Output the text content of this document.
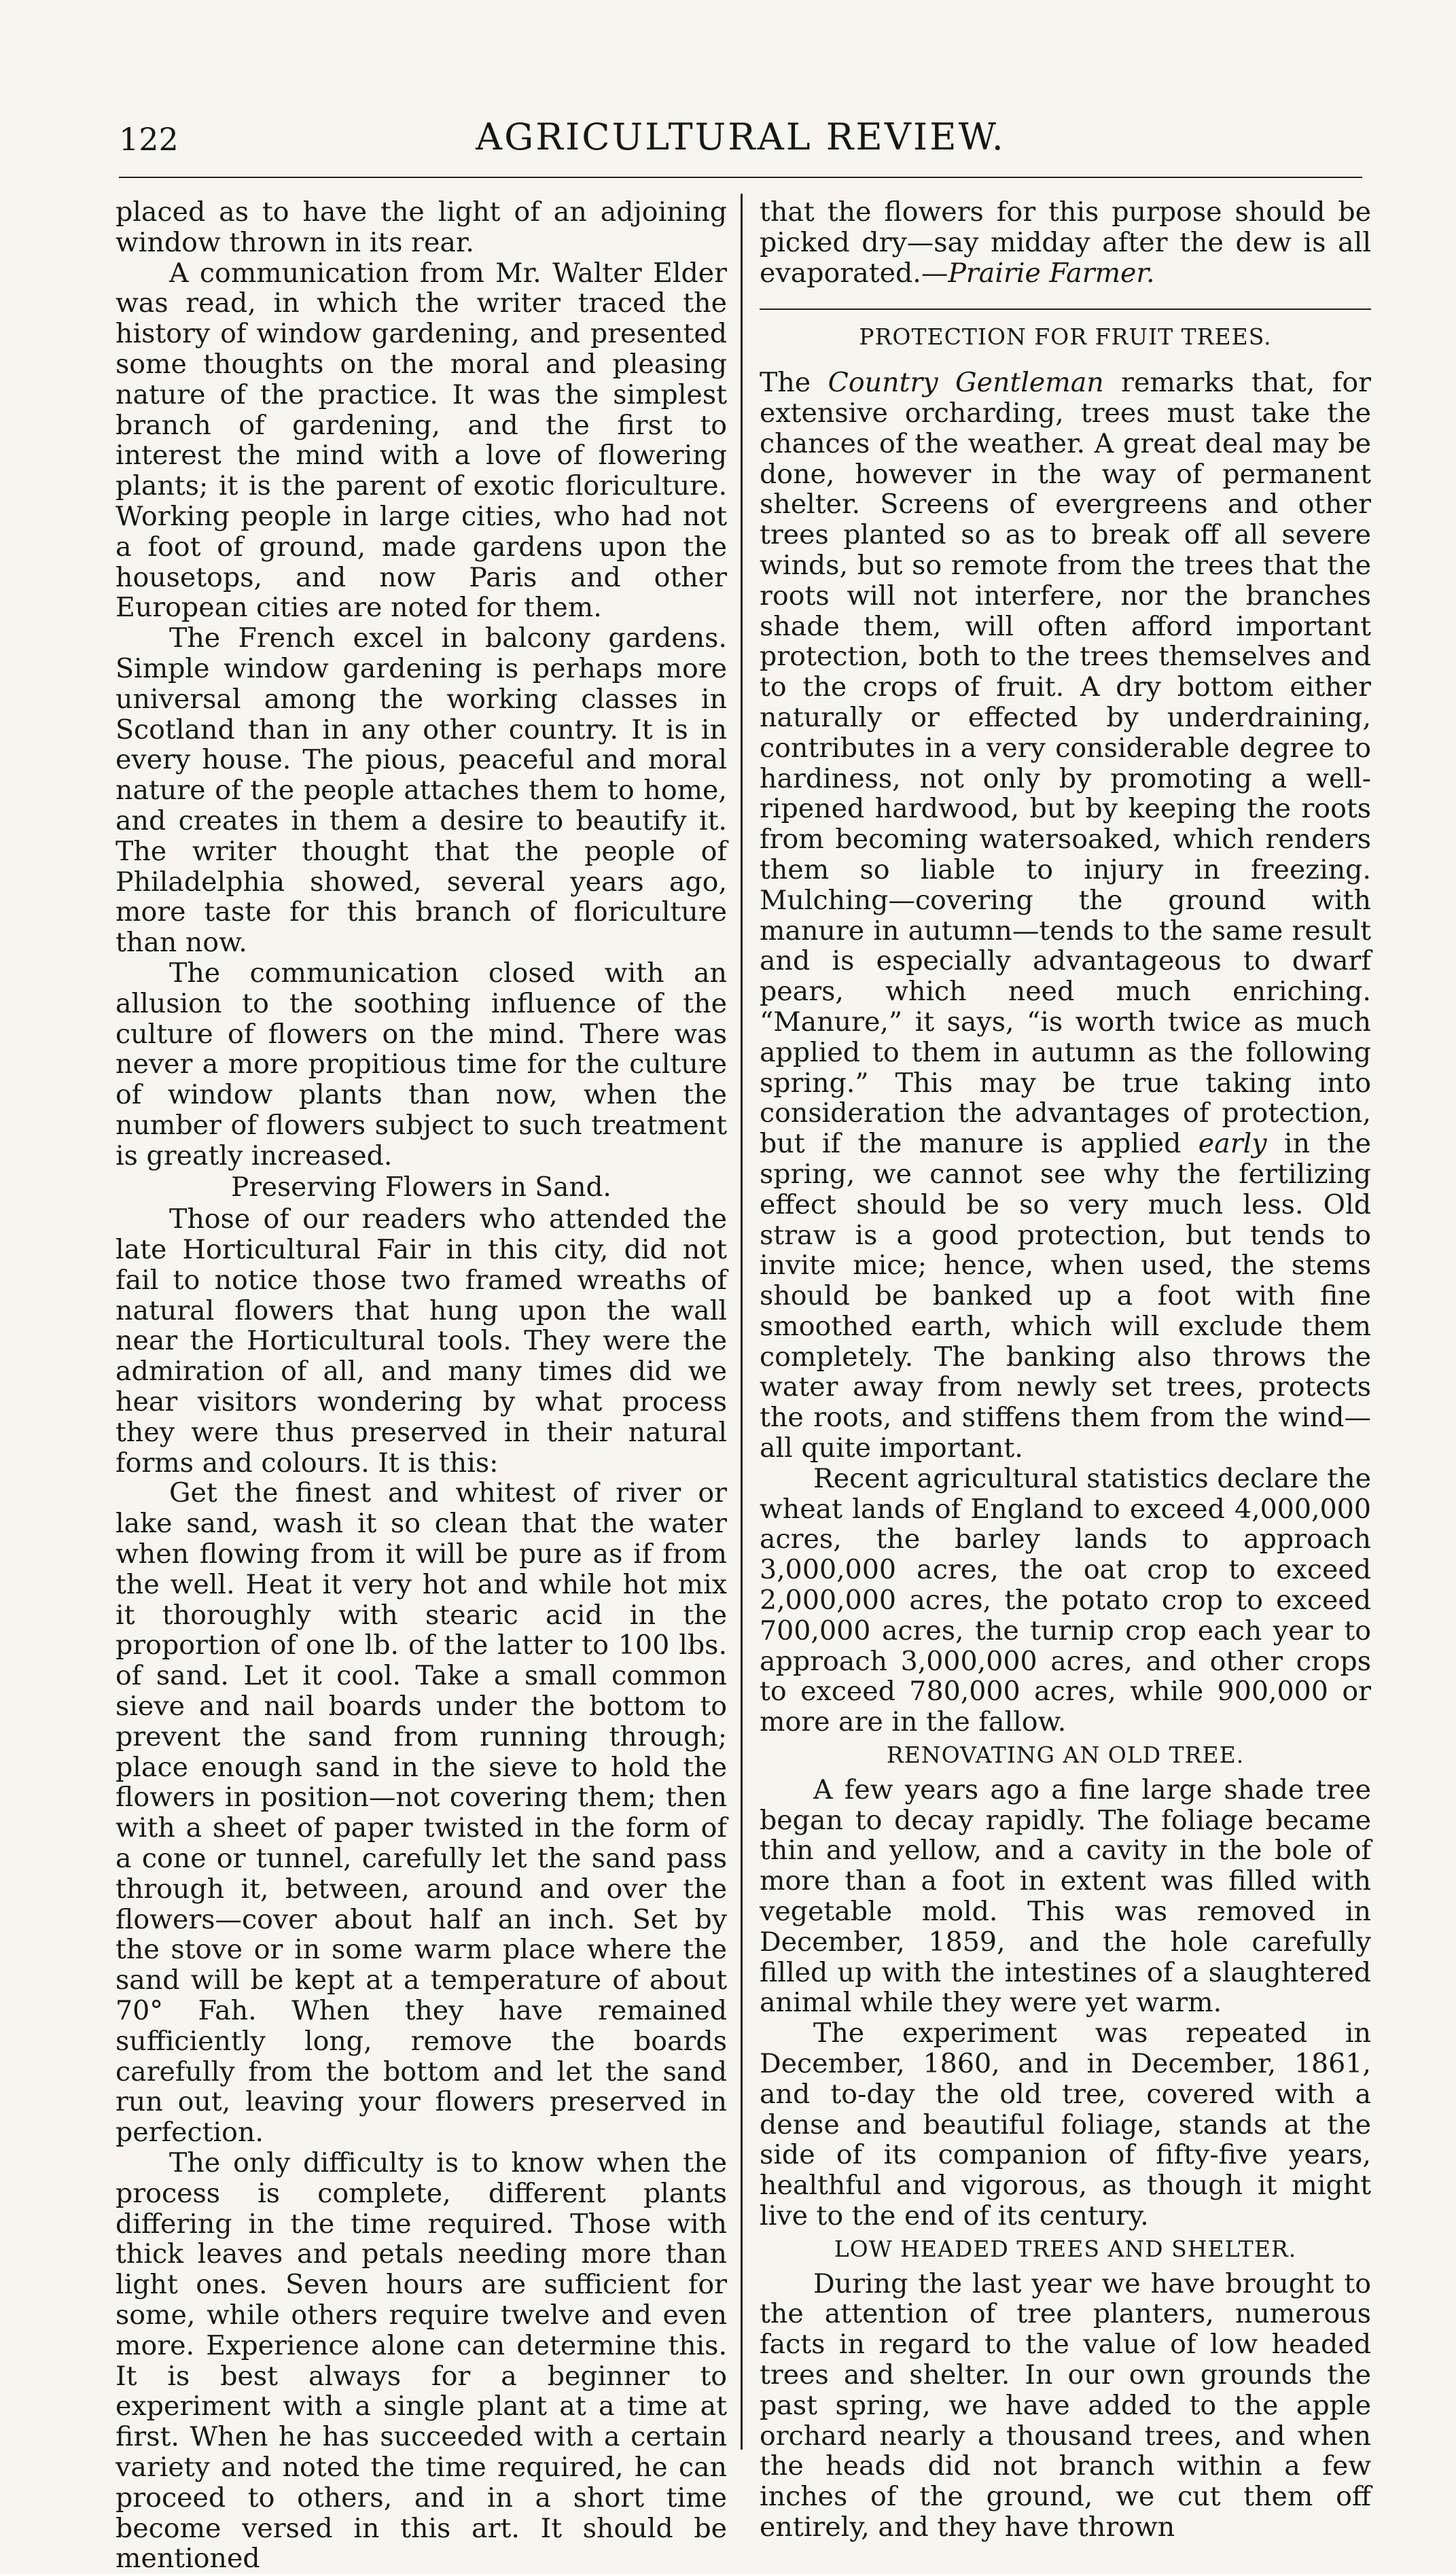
122	AGRICULTURAL REVIEW.

placed as to have the light of an adjoining window thrown in its rear.

A communication from Mr. Walter Elder was read, in which the writer traced the history of window gardening, and presented some thoughts on the moral and pleasing nature of the practice. It was the simplest branch of gardening, and the first to interest the mind with a love of flowering plants; it is the parent of exotic floriculture. Working people in large cities, who had not a foot of ground, made gardens upon the housetops, and now Paris and other European cities are noted for them.

The French excel in balcony gardens. Simple window gardening is perhaps more universal among the working classes in Scotland than in any other country. It is in every house. The pious, peaceful and moral nature of the people attaches them to home, and creates in them a desire to beautify it. The writer thought that the people of Philadelphia showed, several years ago, more taste for this branch of floriculture than now.

The communication closed with an allusion to the soothing influence of the culture of flowers on the mind. There was never a more propitious time for the culture of window plants than now, when the number of flowers subject to such treatment is greatly increased.

Preserving Flowers in Sand.

Those of our readers who attended the late Horticultural Fair in this city, did not fail to notice those two framed wreaths of natural flowers that hung upon the wall near the Horticultural tools. They were the admiration of all, and many times did we hear visitors wondering by what process they were thus preserved in their natural forms and colours. It is this:

Get the finest and whitest of river or lake sand, wash it so clean that the water when flowing from it will be pure as if from the well. Heat it very hot and while hot mix it thoroughly with stearic acid in the proportion of one lb. of the latter to 100 lbs. of sand. Let it cool. Take a small common sieve and nail boards under the bottom to prevent the sand from running through; place enough sand in the sieve to hold the flowers in position—not covering them; then with a sheet of paper twisted in the form of a cone or tunnel, carefully let the sand pass through it, between, around and over the flowers—cover about half an inch. Set by the stove or in some warm place where the sand will be kept at a temperature of about 70° Fah. When they have remained sufficiently long, remove the boards carefully from the bottom and let the sand run out, leaving your flowers preserved in perfection.

The only difficulty is to know when the process is complete, different plants differing in the time required. Those with thick leaves and petals needing more than light ones. Seven hours are sufficient for some, while others require twelve and even more. Experience alone can determine this. It is best always for a beginner to experiment with a single plant at a time at first. When he has succeeded with a certain variety and noted the time required, he can proceed to others, and in a short time become versed in this art. It should be mentioned

that the flowers for this purpose should be picked dry—say midday after the dew is all evaporated.—Prairie Farmer.

PROTECTION FOR FRUIT TREES.

The Country Gentleman remarks that, for extensive orcharding, trees must take the chances of the weather. A great deal may be done, however in the way of permanent shelter. Screens of evergreens and other trees planted so as to break off all severe winds, but so remote from the trees that the roots will not interfere, nor the branches shade them, will often afford important protection, both to the trees themselves and to the crops of fruit. A dry bottom either naturally or effected by underdraining, contributes in a very considerable degree to hardiness, not only by promoting a well-ripened hardwood, but by keeping the roots from becoming watersoaked, which renders them so liable to injury in freezing. Mulching—covering the ground with manure in autumn—tends to the same result and is especially advantageous to dwarf pears, which need much enriching. “Manure,” it says, “is worth twice as much applied to them in autumn as the following spring.” This may be true taking into consideration the advantages of protection, but if the manure is applied early in the spring, we cannot see why the fertilizing effect should be so very much less. Old straw is a good protection, but tends to invite mice; hence, when used, the stems should be banked up a foot with fine smoothed earth, which will exclude them completely. The banking also throws the water away from newly set trees, protects the roots, and stiffens them from the wind—all quite important.

Recent agricultural statistics declare the wheat lands of England to exceed 4,000,000 acres, the barley lands to approach 3,000,000 acres, the oat crop to exceed 2,000,000 acres, the potato crop to exceed 700,000 acres, the turnip crop each year to approach 3,000,000 acres, and other crops to exceed 780,000 acres, while 900,000 or more are in the fallow.

RENOVATING AN OLD TREE.

A few years ago a fine large shade tree began to decay rapidly. The foliage became thin and yellow, and a cavity in the bole of more than a foot in extent was filled with vegetable mold. This was removed in December, 1859, and the hole carefully filled up with the intestines of a slaughtered animal while they were yet warm.

The experiment was repeated in December, 1860, and in December, 1861, and to-day the old tree, covered with a dense and beautiful foliage, stands at the side of its companion of fifty-five years, healthful and vigorous, as though it might live to the end of its century.

LOW HEADED TREES AND SHELTER.

During the last year we have brought to the attention of tree planters, numerous facts in regard to the value of low headed trees and shelter. In our own grounds the past spring, we have added to the apple orchard nearly a thousand trees, and when the heads did not branch within a few inches of the ground, we cut them off entirely, and they have thrown
